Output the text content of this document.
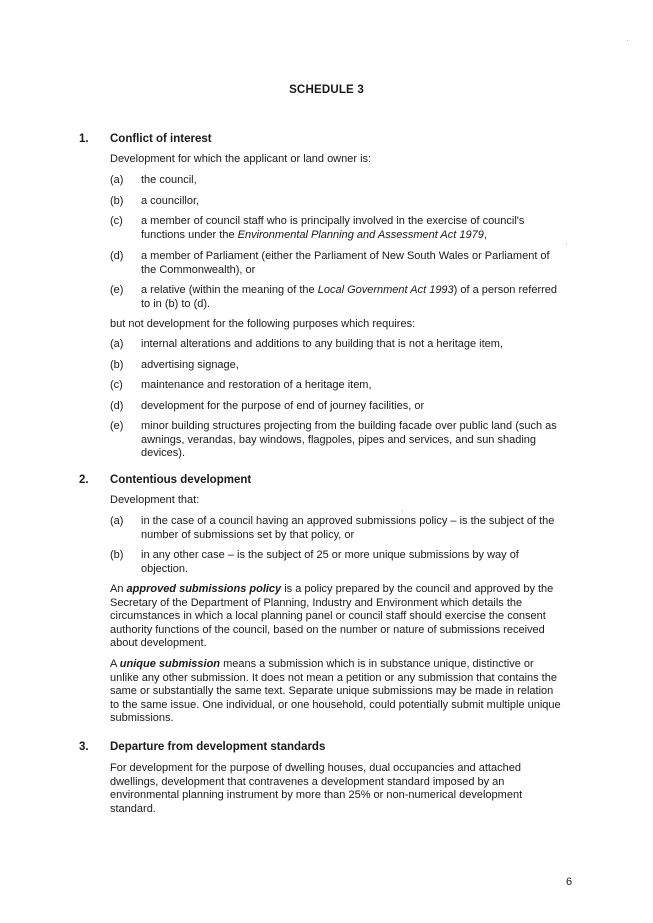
SCHEDULE 3
1. Conflict of interest
Development for which the applicant or land owner is:
(a) the council,
(b) a councillor,
(c) a member of council staff who is principally involved in the exercise of council's functions under the Environmental Planning and Assessment Act 1979,
(d) a member of Parliament (either the Parliament of New South Wales or Parliament of the Commonwealth), or
(e) a relative (within the meaning of the Local Government Act 1993) of a person referred to in (b) to (d).
but not development for the following purposes which requires:
(a) internal alterations and additions to any building that is not a heritage item,
(b) advertising signage,
(c) maintenance and restoration of a heritage item,
(d) development for the purpose of end of journey facilities, or
(e) minor building structures projecting from the building facade over public land (such as awnings, verandas, bay windows, flagpoles, pipes and services, and sun shading devices).
2. Contentious development
Development that:
(a) in the case of a council having an approved submissions policy – is the subject of the number of submissions set by that policy, or
(b) in any other case – is the subject of 25 or more unique submissions by way of objection.
An approved submissions policy is a policy prepared by the council and approved by the Secretary of the Department of Planning, Industry and Environment which details the circumstances in which a local planning panel or council staff should exercise the consent authority functions of the council, based on the number or nature of submissions received about development.
A unique submission means a submission which is in substance unique, distinctive or unlike any other submission. It does not mean a petition or any submission that contains the same or substantially the same text. Separate unique submissions may be made in relation to the same issue. One individual, or one household, could potentially submit multiple unique submissions.
3. Departure from development standards
For development for the purpose of dwelling houses, dual occupancies and attached dwellings, development that contravenes a development standard imposed by an environmental planning instrument by more than 25% or non-numerical development standard.
6
